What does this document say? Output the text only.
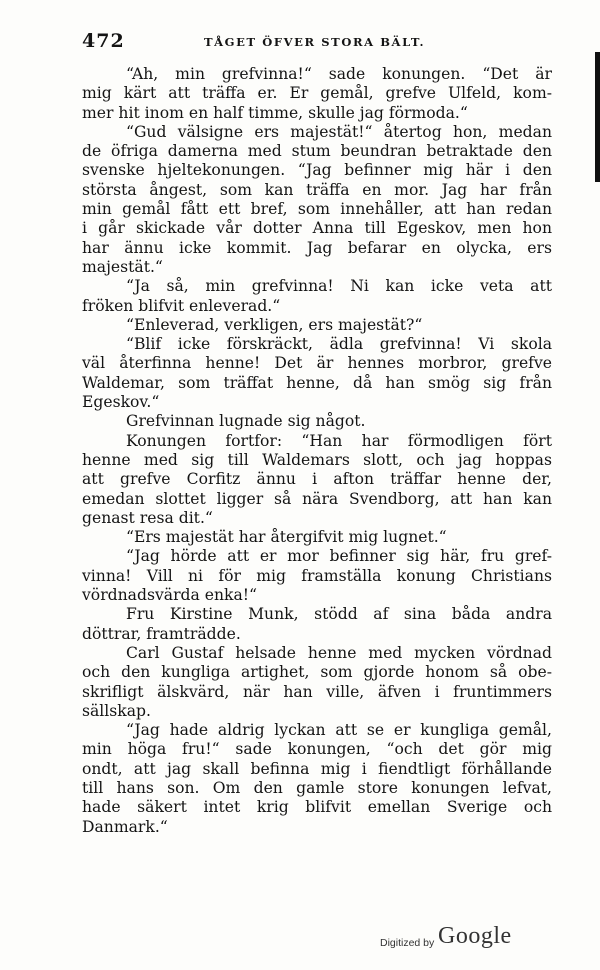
472	TÅGET ÖFVER STORA BÄLT.
“Ah, min grefvinna!“ sade konungen. “Det är
mig kärt att träffa er. Er gemål, grefve Ulfeld, kom-
mer hit inom en half timme, skulle jag förmoda.“
“Gud välsigne ers majestät!“ återtog hon, medan
de öfriga damerna med stum beundran betraktade den
svenske hjeltekonungen. “Jag befinner mig här i den
största ångest, som kan träffa en mor. Jag har från
min gemål fått ett bref, som innehåller, att han redan
i går skickade vår dotter Anna till Egeskov, men hon
har ännu icke kommit. Jag befarar en olycka, ers
majestät.“
“Ja så, min grefvinna! Ni kan icke veta att
fröken blifvit enleverad.“
“Enleverad, verkligen, ers majestät?“
“Blif icke förskräckt, ädla grefvinna! Vi skola
väl återfinna henne! Det är hennes morbror, grefve
Waldemar, som träffat henne, då han smög sig från
Egeskov.“
Grefvinnan lugnade sig något.
Konungen fortfor: “Han har förmodligen fört
henne med sig till Waldemars slott, och jag hoppas
att grefve Corfitz ännu i afton träffar henne der,
emedan slottet ligger så nära Svendborg, att han kan
genast resa dit.“
“Ers majestät har återgifvit mig lugnet.“
“Jag hörde att er mor befinner sig här, fru gref-
vinna! Vill ni för mig framställa konung Christians
vördnadsvärda enka!“
Fru Kirstine Munk, stödd af sina båda andra
döttrar, framträdde.
Carl Gustaf helsade henne med mycken vördnad
och den kungliga artighet, som gjorde honom så obe-
skrifligt älskvärd, när han ville, äfven i fruntimmers
sällskap.
“Jag hade aldrig lyckan att se er kungliga gemål,
min höga fru!“ sade konungen, “och det gör mig
ondt, att jag skall befinna mig i fiendtligt förhållande
till hans son. Om den gamle store konungen lefvat,
hade säkert intet krig blifvit emellan Sverige och
Danmark.“
Digitized by Google
